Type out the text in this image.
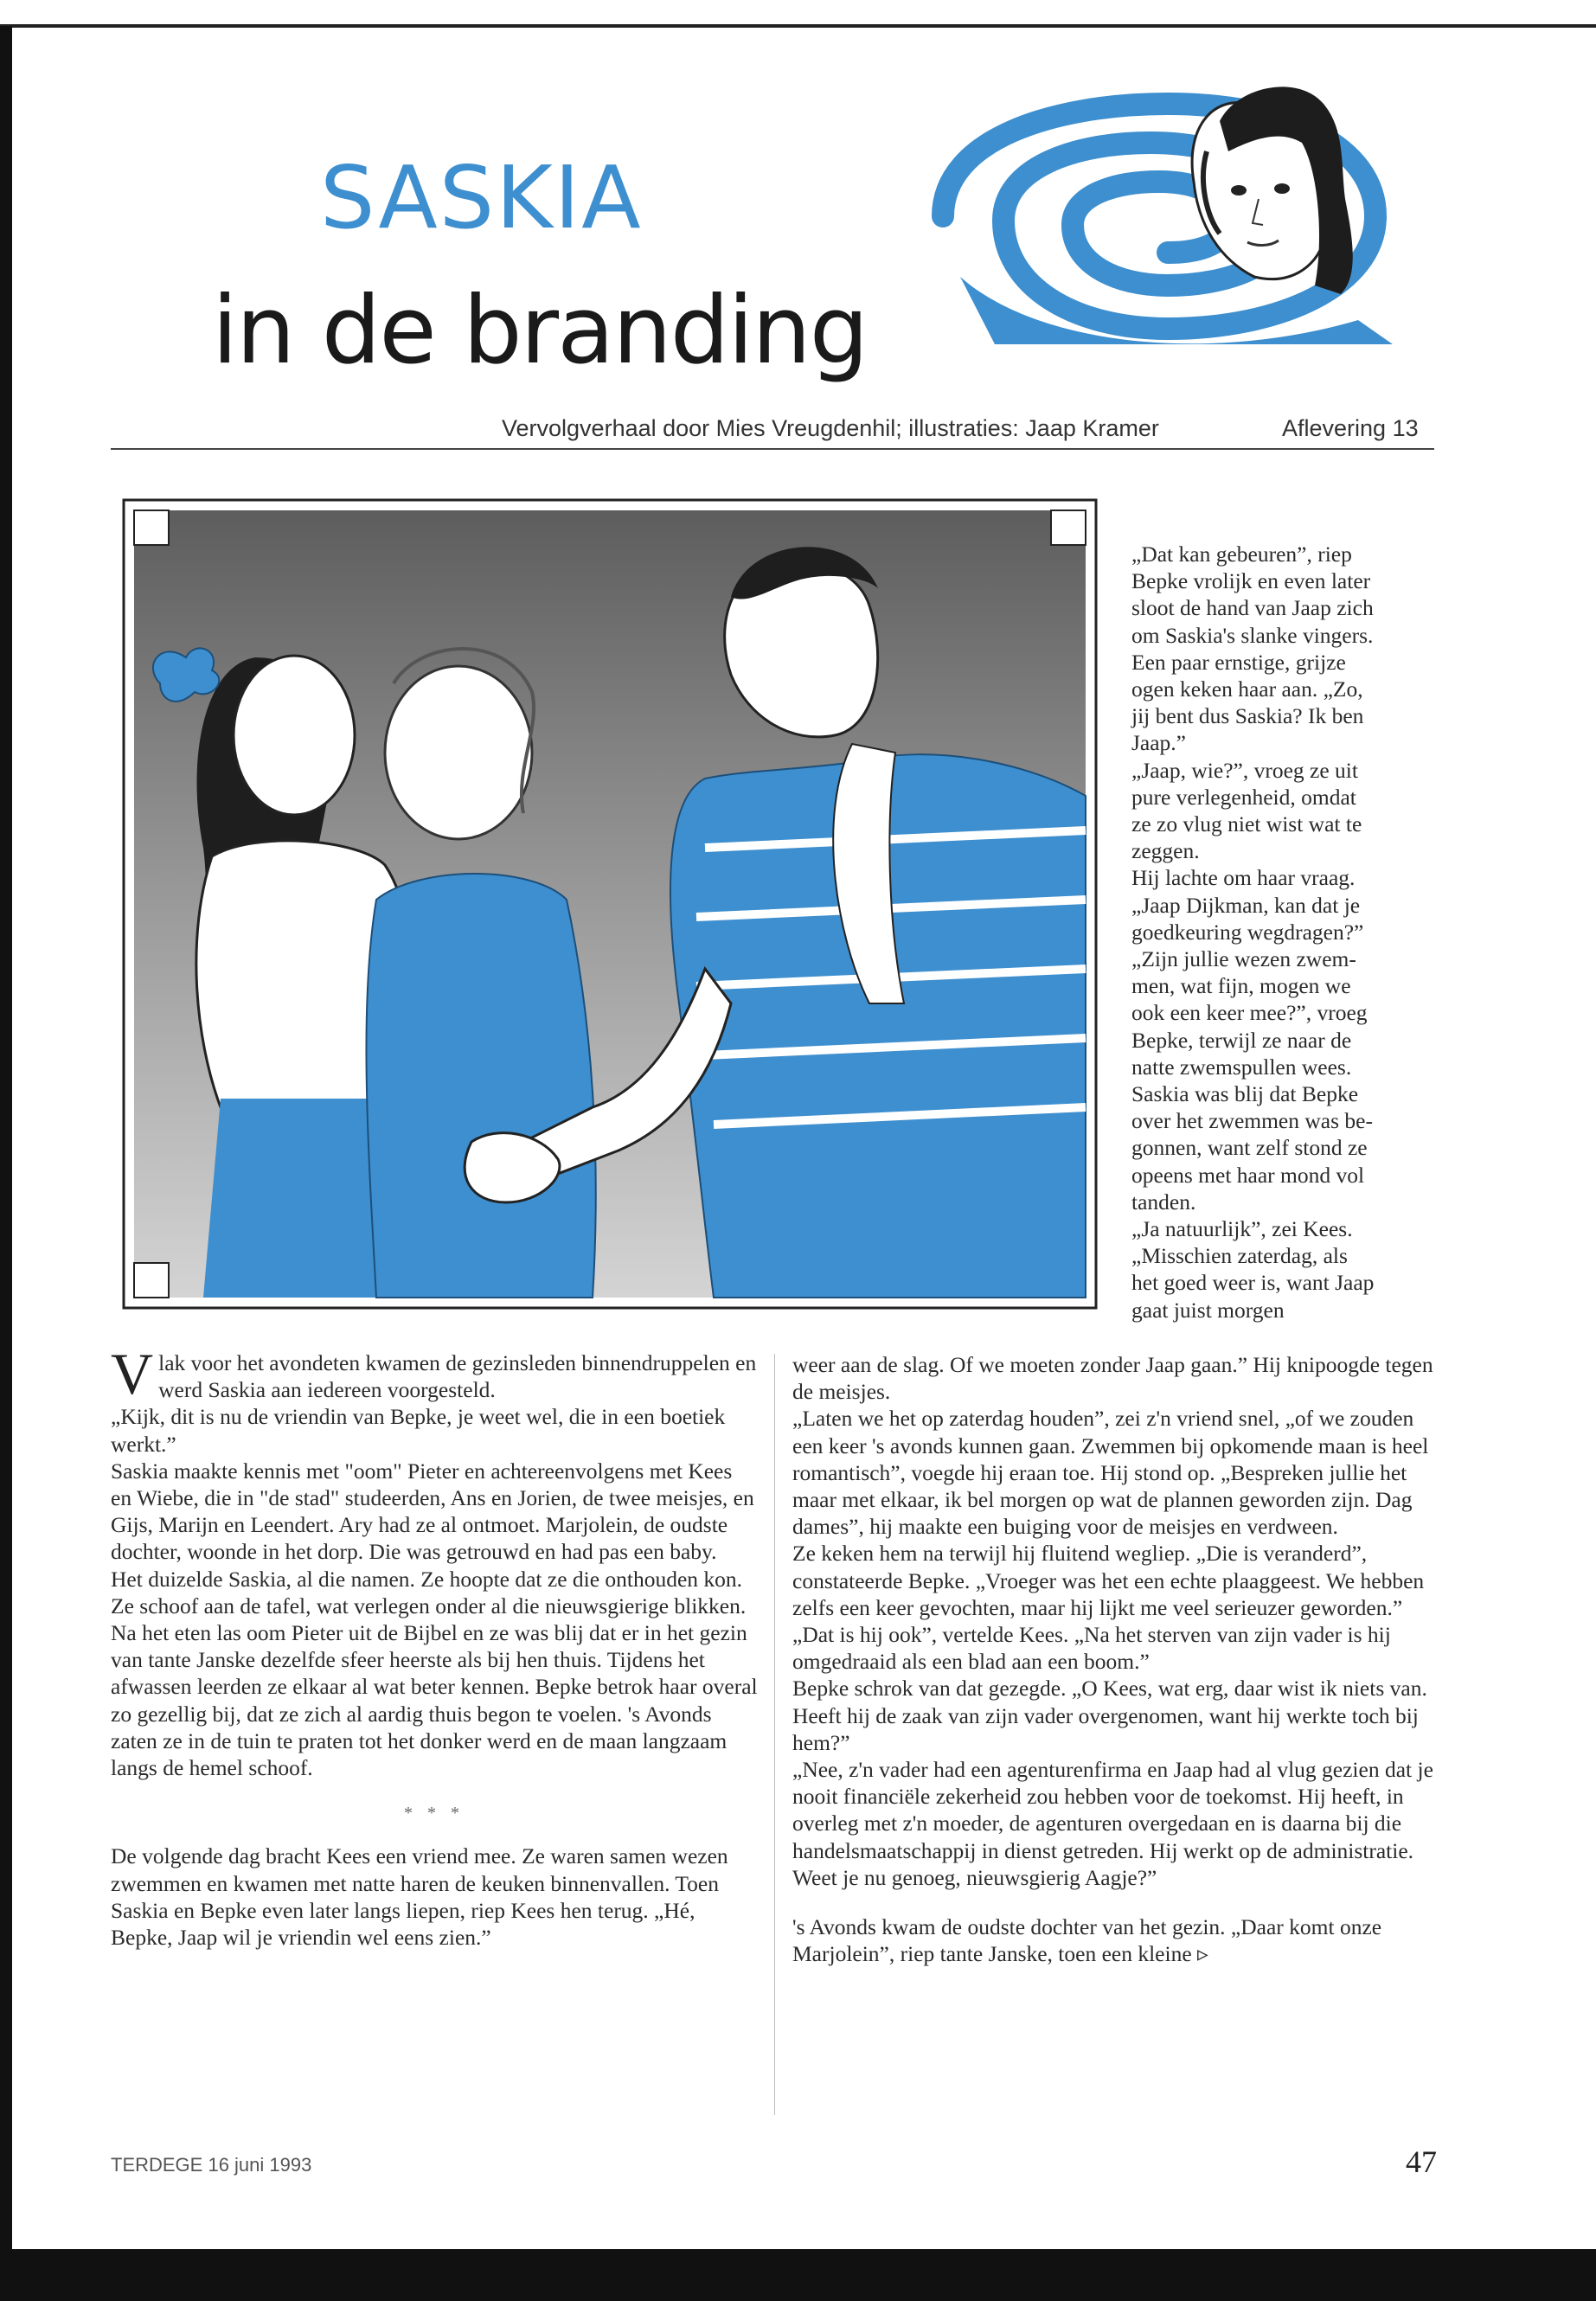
SASKIA
in de branding
Vervolgverhaal door Mies Vreugdenhil; illustraties: Jaap Kramer	Aflevering 13
„Dat kan gebeuren”, riep
Bepke vrolijk en even later
sloot de hand van Jaap zich
om Saskia's slanke vingers.
Een paar ernstige, grijze
ogen keken haar aan. „Zo,
jij bent dus Saskia? Ik ben
Jaap.”
„Jaap, wie?”, vroeg ze uit
pure verlegenheid, omdat
ze zo vlug niet wist wat te
zeggen.
Hij lachte om haar vraag.
„Jaap Dijkman, kan dat je
goedkeuring wegdragen?”
„Zijn jullie wezen zwem-
men, wat fijn, mogen we
ook een keer mee?”, vroeg
Bepke, terwijl ze naar de
natte zwemspullen wees.
Saskia was blij dat Bepke
over het zwemmen was be-
gonnen, want zelf stond ze
opeens met haar mond vol
tanden.
„Ja natuurlijk”, zei Kees.
„Misschien zaterdag, als
het goed weer is, want Jaap
gaat juist morgen

Vlak voor het avondeten kwamen de gezinsleden binnendruppelen en werd Saskia aan iedereen voorgesteld.

„Kijk, dit is nu de vriendin van Bepke, je weet wel, die in een boetiek werkt.”

Saskia maakte kennis met "oom" Pieter en achtereenvolgens met Kees en Wiebe, die in "de stad" studeerden, Ans en Jorien, de twee meisjes, en Gijs, Marijn en Leendert. Ary had ze al ontmoet. Marjolein, de oudste dochter, woonde in het dorp. Die was getrouwd en had pas een baby.

Het duizelde Saskia, al die namen. Ze hoopte dat ze die onthouden kon. Ze schoof aan de tafel, wat verlegen onder al die nieuwsgierige blikken.

Na het eten las oom Pieter uit de Bijbel en ze was blij dat er in het gezin van tante Janske dezelfde sfeer heerste als bij hen thuis. Tijdens het afwassen leerden ze elkaar al wat beter kennen. Bepke betrok haar overal zo gezellig bij, dat ze zich al aardig thuis begon te voelen. 's Avonds zaten ze in de tuin te praten tot het donker werd en de maan langzaam langs de hemel schoof.

* * *

De volgende dag bracht Kees een vriend mee. Ze waren samen wezen zwemmen en kwamen met natte haren de keuken binnenvallen. Toen Saskia en Bepke even later langs liepen, riep Kees hen terug. „Hé, Bepke, Jaap wil je vriendin wel eens zien.”

weer aan de slag. Of we moeten zonder Jaap gaan.” Hij knipoogde tegen de meisjes.

„Laten we het op zaterdag houden”, zei z'n vriend snel, „of we zouden een keer 's avonds kunnen gaan. Zwemmen bij opkomende maan is heel romantisch”, voegde hij eraan toe. Hij stond op. „Bespreken jullie het maar met elkaar, ik bel morgen op wat de plannen geworden zijn. Dag dames”, hij maakte een buiging voor de meisjes en verdween.

Ze keken hem na terwijl hij fluitend wegliep. „Die is veranderd”, constateerde Bepke. „Vroeger was het een echte plaaggeest. We hebben zelfs een keer gevochten, maar hij lijkt me veel serieuzer geworden.”

„Dat is hij ook”, vertelde Kees. „Na het sterven van zijn vader is hij omgedraaid als een blad aan een boom.”

Bepke schrok van dat gezegde. „O Kees, wat erg, daar wist ik niets van. Heeft hij de zaak van zijn vader overgenomen, want hij werkte toch bij hem?”

„Nee, z'n vader had een agenturenfirma en Jaap had al vlug gezien dat je nooit financiële zekerheid zou hebben voor de toekomst. Hij heeft, in overleg met z'n moeder, de agenturen overgedaan en is daarna bij die handelsmaatschappij in dienst getreden. Hij werkt op de administratie. Weet je nu genoeg, nieuwsgierig Aagje?”

's Avonds kwam de oudste dochter van het gezin. „Daar komt onze Marjolein”, riep tante Janske, toen een kleine ▹

TERDEGE 16 juni 1993	47
